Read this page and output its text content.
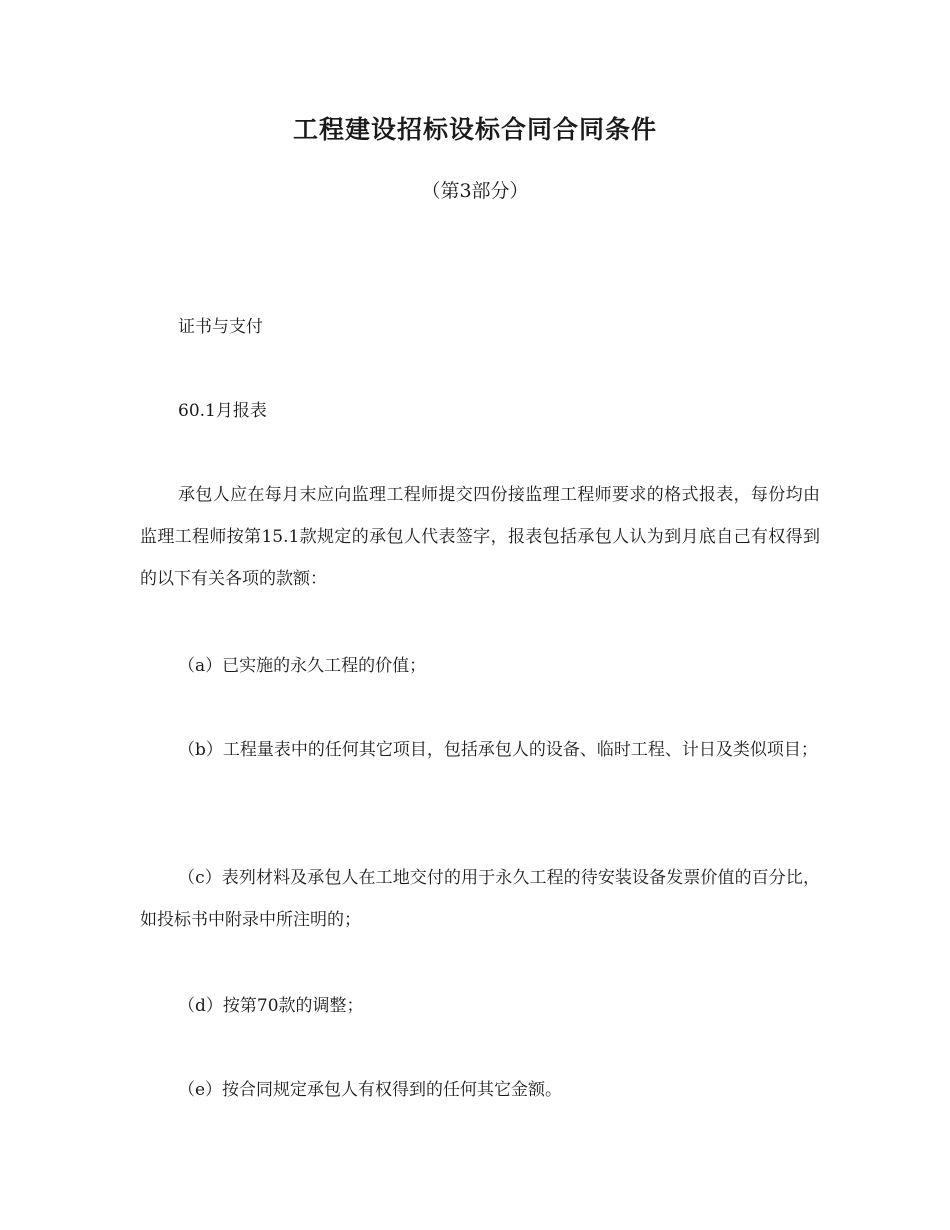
工程建设招标设标合同合同条件
（第3部分）

证书与支付

60.1月报表

承包人应在每月末应向监理工程师提交四份接监理工程师要求的格式报表，每份均由监理工程师按第15.1款规定的承包人代表签字，报表包括承包人认为到月底自己有权得到的以下有关各项的款额：

（a）已实施的永久工程的价值；

（b）工程量表中的任何其它项目，包括承包人的设备、临时工程、计日及类似项目；

（c）表列材料及承包人在工地交付的用于永久工程的待安装设备发票价值的百分比，如投标书中附录中所注明的；

（d）按第70款的调整；

（e）按合同规定承包人有权得到的任何其它金额。
